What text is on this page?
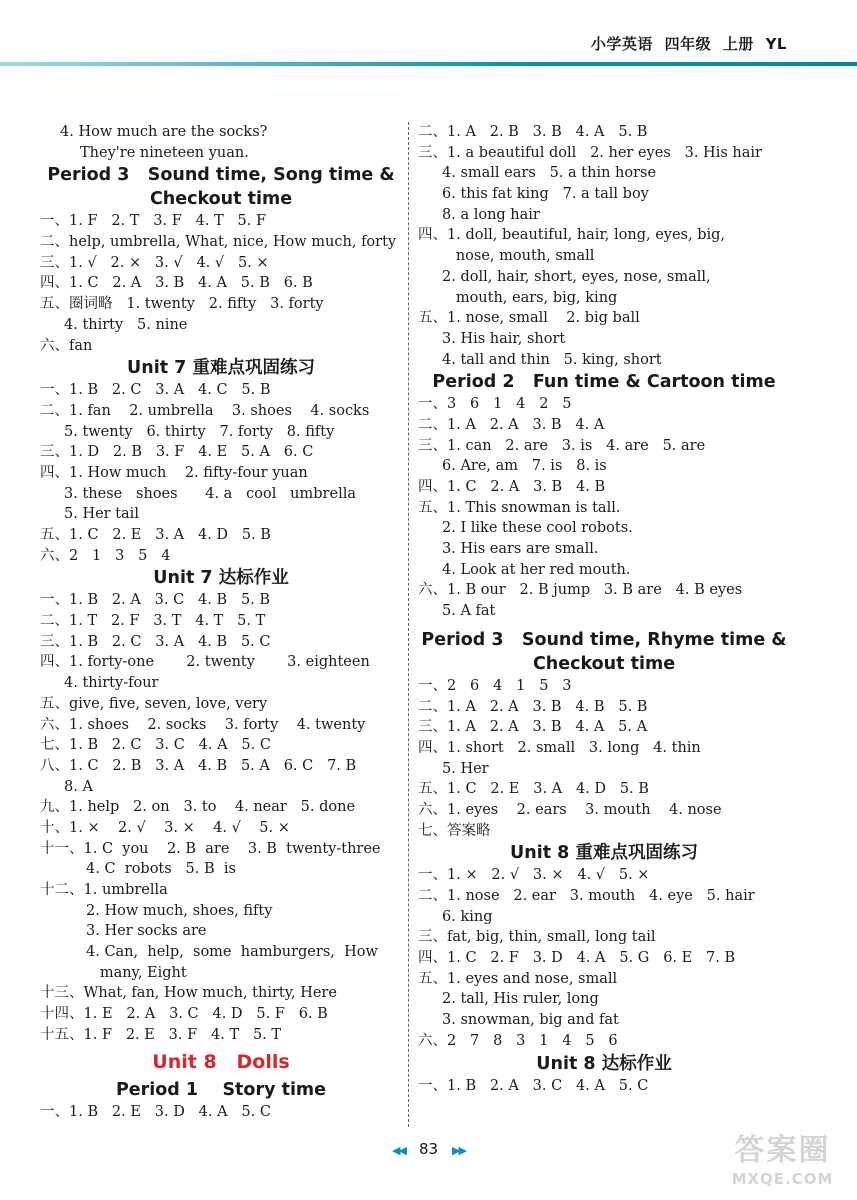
小学英语 四年级 上册 YL
4. How much are the socks?
They're nineteen yuan.
Period 3   Sound time, Song time &
Checkout time
一、1. F   2. T   3. F   4. T   5. F
二、help, umbrella, What, nice, How much, forty
三、1. √   2. ×   3. √   4. √   5. ×
四、1. C   2. A   3. B   4. A   5. B   6. B
五、圈词略   1. twenty   2. fifty   3. forty
4. thirty   5. nine
六、fan
Unit 7 重难点巩固练习
一、1. B   2. C   3. A   4. C   5. B
二、1. fan    2. umbrella    3. shoes    4. socks
5. twenty   6. thirty   7. forty   8. fifty
三、1. D   2. B   3. F   4. E   5. A   6. C
四、1. How much    2. fifty-four yuan
3. these   shoes      4. a   cool   umbrella
5. Her tail
五、1. C   2. E   3. A   4. D   5. B
六、2   1   3   5   4
Unit 7 达标作业
一、1. B   2. A   3. C   4. B   5. B
二、1. T   2. F   3. T   4. T   5. T
三、1. B   2. C   3. A   4. B   5. C
四、1. forty-one       2. twenty       3. eighteen
4. thirty-four
五、give, five, seven, love, very
六、1. shoes    2. socks    3. forty    4. twenty
七、1. B   2. C   3. C   4. A   5. C
八、1. C   2. B   3. A   4. B   5. A   6. C   7. B
8. A
九、1. help   2. on   3. to    4. near   5. done
十、1. ×    2. √    3. ×    4. √    5. ×
十一、1. C  you    2. B  are    3. B  twenty-three
4. C  robots   5. B  is
十二、1. umbrella
2. How much, shoes, fifty
3. Her socks are
4. Can,  help,  some  hamburgers,  How
many, Eight
十三、What, fan, How much, thirty, Here
十四、1. E   2. A   3. C   4. D   5. F   6. B
十五、1. F   2. E   3. F   4. T   5. T
Unit 8   Dolls
Period 1    Story time
一、1. B   2. E   3. D   4. A   5. C
二、1. A   2. B   3. B   4. A   5. B
三、1. a beautiful doll   2. her eyes   3. His hair
4. small ears   5. a thin horse
6. this fat king   7. a tall boy
8. a long hair
四、1. doll, beautiful, hair, long, eyes, big,
nose, mouth, small
2. doll, hair, short, eyes, nose, small,
mouth, ears, big, king
五、1. nose, small    2. big ball
3. His hair, short
4. tall and thin   5. king, short
Period 2   Fun time & Cartoon time
一、3   6   1   4   2   5
二、1. A   2. A   3. B   4. A
三、1. can   2. are   3. is   4. are   5. are
6. Are, am   7. is   8. is
四、1. C   2. A   3. B   4. B
五、1. This snowman is tall.
2. I like these cool robots.
3. His ears are small.
4. Look at her red mouth.
六、1. B our   2. B jump   3. B are   4. B eyes
5. A fat
Period 3   Sound time, Rhyme time &
Checkout time
一、2   6   4   1   5   3
二、1. A   2. A   3. B   4. B   5. B
三、1. A   2. A   3. B   4. A   5. A
四、1. short   2. small   3. long   4. thin
5. Her
五、1. C   2. E   3. A   4. D   5. B
六、1. eyes    2. ears    3. mouth    4. nose
七、答案略
Unit 8 重难点巩固练习
一、1. ×   2. √   3. ×   4. √   5. ×
二、1. nose   2. ear   3. mouth   4. eye   5. hair
6. king
三、fat, big, thin, small, long tail
四、1. C   2. F   3. D   4. A   5. G   6. E   7. B
五、1. eyes and nose, small
2. tall, His ruler, long
3. snowman, big and fat
六、2   7   8   3   1   4   5   6
Unit 8 达标作业
一、1. B   2. A   3. C   4. A   5. C
◀◀ 83 ▶▶	答案圈
MXQE.COM
